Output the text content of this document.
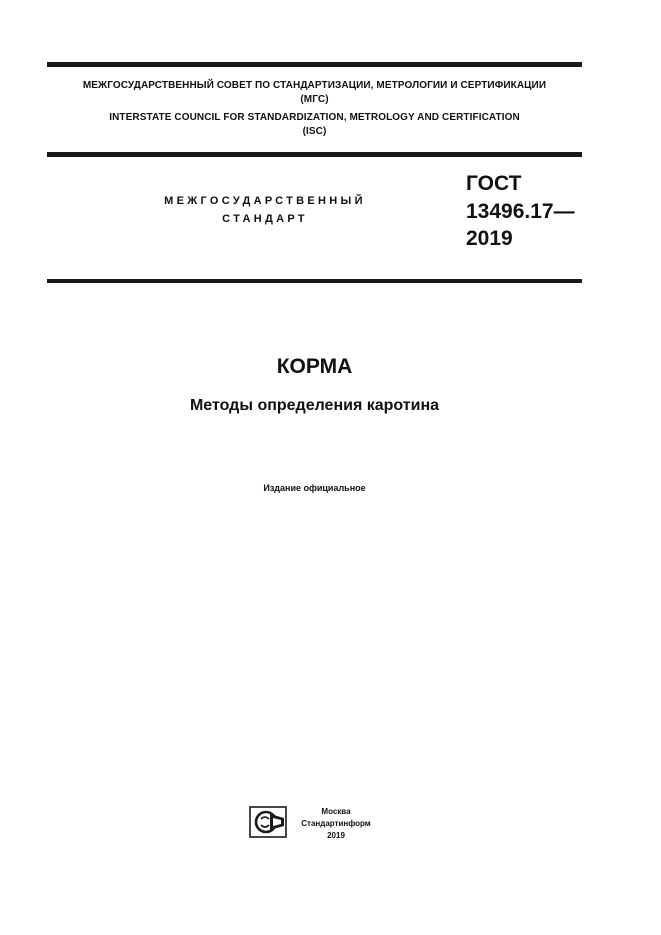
МЕЖГОСУДАРСТВЕННЫЙ СОВЕТ ПО СТАНДАРТИЗАЦИИ, МЕТРОЛОГИИ И СЕРТИФИКАЦИИ
(МГС)
INTERSTATE COUNCIL FOR STANDARDIZATION, METROLOGY AND CERTIFICATION
(ISC)
МЕЖГОСУДАРСТВЕННЫЙ
СТАНДАРТ
ГОСТ
13496.17—
2019
КОРМА
Методы определения каротина
Издание официальное
Москва
Стандартинформ
2019
